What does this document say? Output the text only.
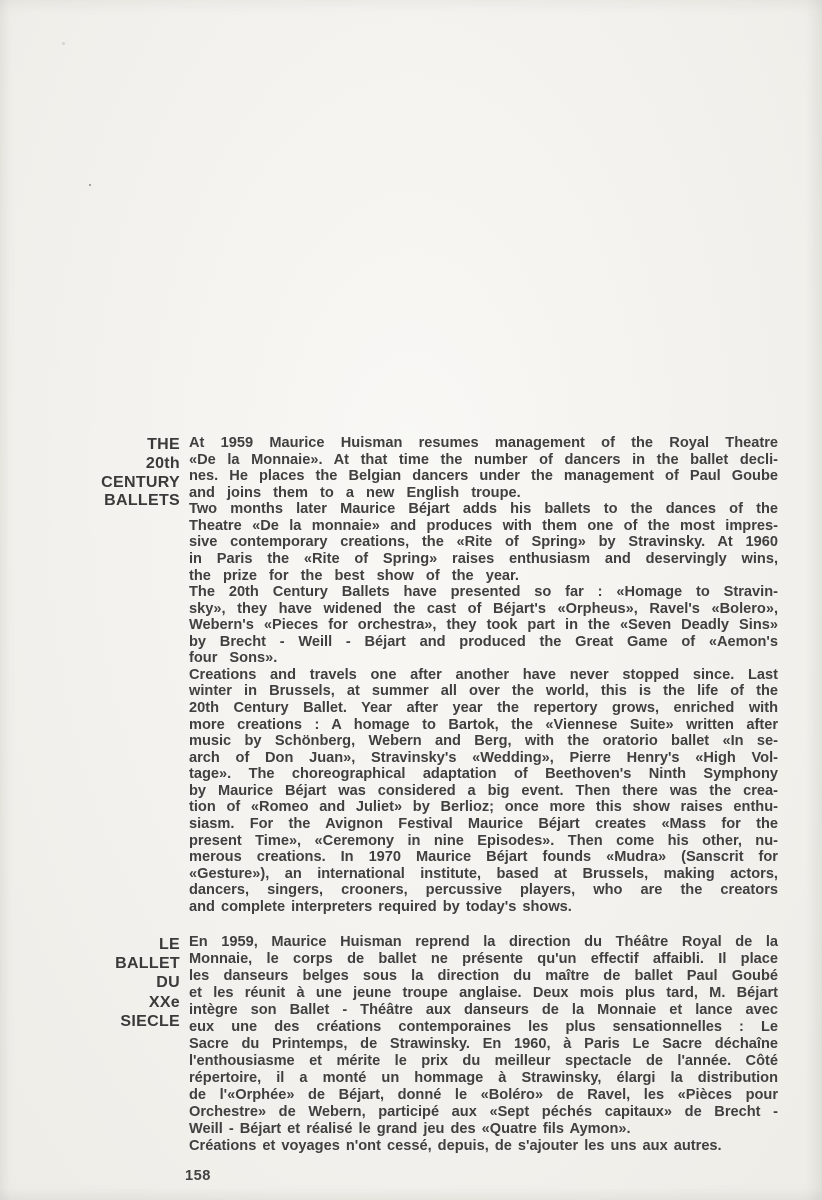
THE
20th
CENTURY
BALLETS
At 1959 Maurice Huisman resumes management of the Royal Theatre
«De la Monnaie». At that time the number of dancers in the ballet decli-
nes. He places the Belgian dancers under the management of Paul Goube
and joins them to a new English troupe.
Two months later Maurice Béjart adds his ballets to the dances of the
Theatre «De la monnaie» and produces with them one of the most impres-
sive contemporary creations, the «Rite of Spring» by Stravinsky. At 1960
in Paris the «Rite of Spring» raises enthusiasm and deservingly wins,
the prize for the best show of the year.
The 20th Century Ballets have presented so far : «Homage to Stravin-
sky», they have widened the cast of Béjart's «Orpheus», Ravel's «Bolero»,
Webern's «Pieces for orchestra», they took part in the «Seven Deadly Sins»
by Brecht - Weill - Béjart and produced the Great Game of «Aemon's
four Sons».
Creations and travels one after another have never stopped since. Last
winter in Brussels, at summer all over the world, this is the life of the
20th Century Ballet. Year after year the repertory grows, enriched with
more creations : A homage to Bartok, the «Viennese Suite» written after
music by Schönberg, Webern and Berg, with the oratorio ballet «In se-
arch of Don Juan», Stravinsky's «Wedding», Pierre Henry's «High Vol-
tage». The choreographical adaptation of Beethoven's Ninth Symphony
by Maurice Béjart was considered a big event. Then there was the crea-
tion of «Romeo and Juliet» by Berlioz; once more this show raises enthu-
siasm. For the Avignon Festival Maurice Béjart creates «Mass for the
present Time», «Ceremony in nine Episodes». Then come his other, nu-
merous creations. In 1970 Maurice Béjart founds «Mudra» (Sanscrit for
«Gesture»), an international institute, based at Brussels, making actors,
dancers, singers, crooners, percussive players, who are the creators
and complete interpreters required by today's shows.
LE
BALLET
DU
XXe
SIECLE
En 1959, Maurice Huisman reprend la direction du Théâtre Royal de la
Monnaie, le corps de ballet ne présente qu'un effectif affaibli. Il place
les danseurs belges sous la direction du maître de ballet Paul Goubé
et les réunit à une jeune troupe anglaise. Deux mois plus tard, M. Béjart
intègre son Ballet - Théâtre aux danseurs de la Monnaie et lance avec
eux une des créations contemporaines les plus sensationnelles : Le
Sacre du Printemps, de Strawinsky. En 1960, à Paris Le Sacre déchaîne
l'enthousiasme et mérite le prix du meilleur spectacle de l'année. Côté
répertoire, il a monté un hommage à Strawinsky, élargi la distribution
de l'«Orphée» de Béjart, donné le «Boléro» de Ravel, les «Pièces pour
Orchestre» de Webern, participé aux «Sept péchés capitaux» de Brecht -
Weill - Béjart et réalisé le grand jeu des «Quatre fils Aymon».
Créations et voyages n'ont cessé, depuis, de s'ajouter les uns aux autres.
158
